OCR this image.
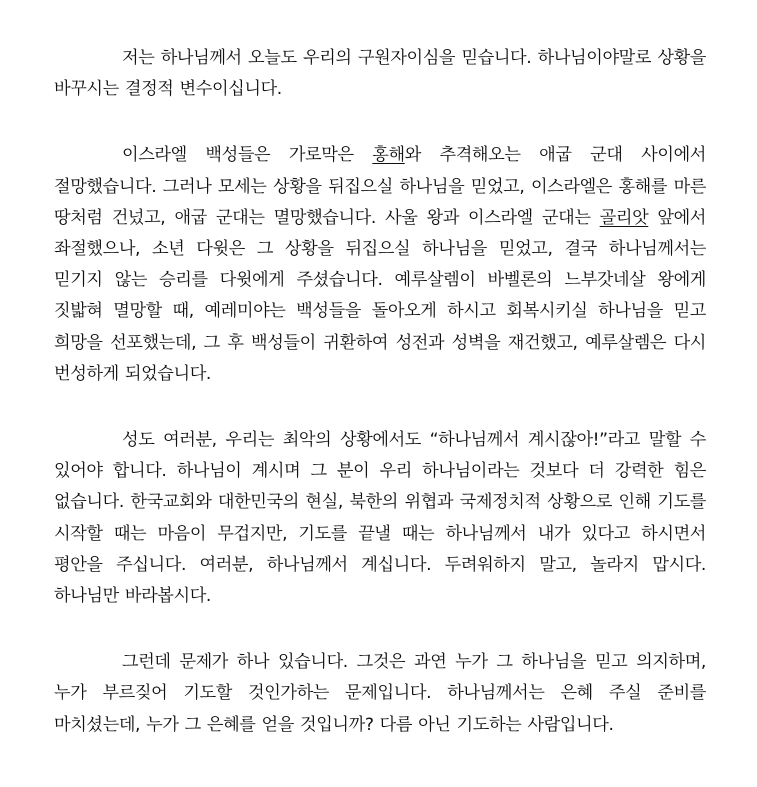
저는 하나님께서 오늘도 우리의 구원자이심을 믿습니다. 하나님이야말로 상황을 바꾸시는 결정적 변수이십니다.

이스라엘 백성들은 가로막은 홍해와 추격해오는 애굽 군대 사이에서 절망했습니다. 그러나 모세는 상황을 뒤집으실 하나님을 믿었고, 이스라엘은 홍해를 마른 땅처럼 건넜고, 애굽 군대는 멸망했습니다. 사울 왕과 이스라엘 군대는 골리앗 앞에서 좌절했으나, 소년 다윗은 그 상황을 뒤집으실 하나님을 믿었고, 결국 하나님께서는 믿기지 않는 승리를 다윗에게 주셨습니다. 예루살렘이 바벨론의 느부갓네살 왕에게 짓밟혀 멸망할 때, 예레미야는 백성들을 돌아오게 하시고 회복시키실 하나님을 믿고 희망을 선포했는데, 그 후 백성들이 귀환하여 성전과 성벽을 재건했고, 예루살렘은 다시 번성하게 되었습니다.

성도 여러분, 우리는 최악의 상황에서도 “하나님께서 계시잖아!”라고 말할 수 있어야 합니다. 하나님이 계시며 그 분이 우리 하나님이라는 것보다 더 강력한 힘은 없습니다. 한국교회와 대한민국의 현실, 북한의 위협과 국제정치적 상황으로 인해 기도를 시작할 때는 마음이 무겁지만, 기도를 끝낼 때는 하나님께서 내가 있다고 하시면서 평안을 주십니다. 여러분, 하나님께서 계십니다. 두려워하지 말고, 놀라지 맙시다. 하나님만 바라봅시다.

그런데 문제가 하나 있습니다. 그것은 과연 누가 그 하나님을 믿고 의지하며, 누가 부르짖어 기도할 것인가하는 문제입니다. 하나님께서는 은혜 주실 준비를 마치셨는데, 누가 그 은혜를 얻을 것입니까? 다름 아닌 기도하는 사람입니다.
